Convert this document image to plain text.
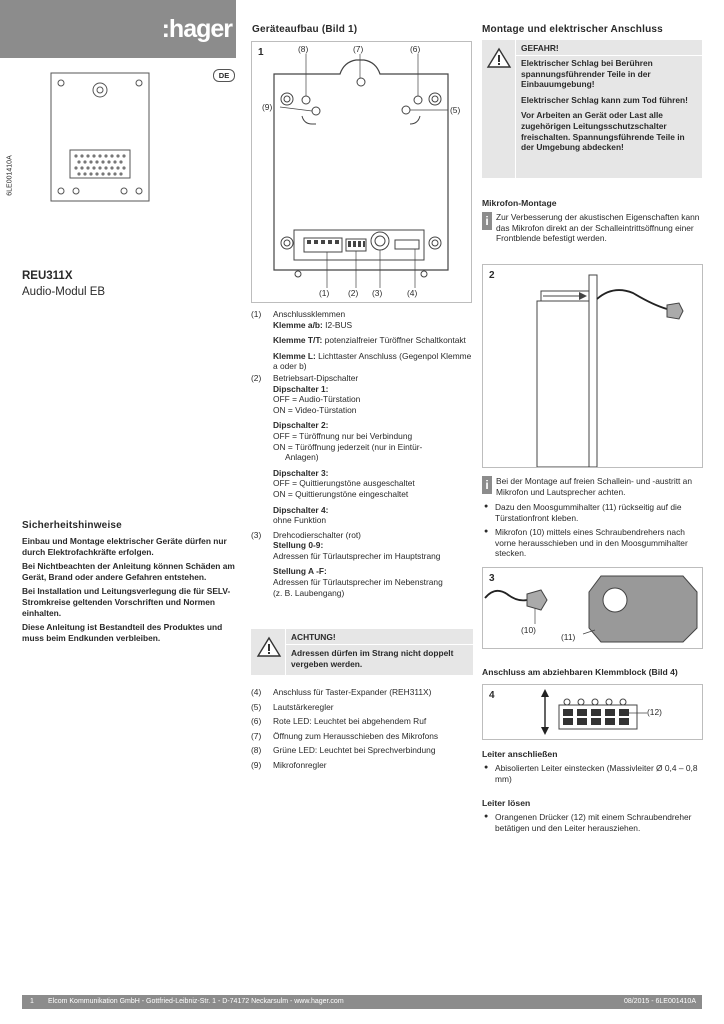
:hager
DE
6LE001410A
REU311X
Audio-Modul EB
Sicherheitshinweise
Einbau und Montage elektrischer Geräte dürfen nur durch Elektrofachkräfte erfolgen.
Bei Nichtbeachten der Anleitung können Schäden am Gerät, Brand oder andere Gefahren entstehen.
Bei Installation und Leitungsverlegung die für SELV-Stromkreise geltenden Vorschriften und Normen einhalten.
Diese Anleitung ist Bestandteil des Produktes und muss beim Endkunden verbleiben.
Geräteaufbau (Bild 1)
1	(8)	(7)	(6)
(9)	(5)
(1) (2) (3)	(4)
(1) Anschlussklemmen
Klemme a/b: I2-BUS
Klemme T/T: potenzialfreier Türöffner Schaltkontakt
Klemme L: Lichttaster Anschluss (Gegenpol Klemme a oder b)
(2) Betriebsart-Dipschalter
Dipschalter 1:
OFF = Audio-Türstation
ON = Video-Türstation
Dipschalter 2:
OFF = Türöffnung nur bei Verbindung
ON = Türöffnung jederzeit (nur in Eintür-
Anlagen)
Dipschalter 3:
OFF = Quittierungstöne ausgeschaltet
ON = Quittierungstöne eingeschaltet
Dipschalter 4:
ohne Funktion
(3) Drehcodierschalter (rot)
Stellung 0-9:
Adressen für Türlautsprecher im Hauptstrang
Stellung A -F:
Adressen für Türlautsprecher im Nebenstrang
(z. B. Laubengang)
ACHTUNG!
Adressen dürfen im Strang nicht doppelt vergeben werden.
(4) Anschluss für Taster-Expander (REH311X)
(5) Lautstärkeregler
(6) Rote LED: Leuchtet bei abgehendem Ruf
(7) Öffnung zum Herausschieben des Mikrofons
(8) Grüne LED: Leuchtet bei Sprechverbindung
(9) Mikrofonregler
Montage und elektrischer Anschluss
GEFAHR!
Elektrischer Schlag bei Berühren spannungsführender Teile in der Einbauumgebung!
Elektrischer Schlag kann zum Tod führen!
Vor Arbeiten an Gerät oder Last alle zugehörigen Leitungsschutzschalter freischalten. Spannungsführende Teile in der Umgebung abdecken!
Mikrofon-Montage
i Zur Verbesserung der akustischen Eigenschaften kann das Mikrofon direkt an der Schalleintrittsöffnung einer Frontblende befestigt werden.
2
i Bei der Montage auf freien Schallein- und -austritt an Mikrofon und Lautsprecher achten.
● Dazu den Moosgummihalter (11) rückseitig auf die Türstationfront kleben.
● Mikrofon (10) mittels eines Schraubendrehers nach vorne herausschieben und in den Moosgummihalter stecken.
3
(10)
(11)
Anschluss am abziehbaren Klemmblock (Bild 4)
4
(12)
Leiter anschließen
● Abisolierten Leiter einstecken (Massivleiter Ø 0,4 – 0,8 mm)
Leiter lösen
● Orangenen Drücker (12) mit einem Schraubendreher betätigen und den Leiter herausziehen.
1 Elcom Kommunikation GmbH - Gottfried-Leibniz-Str. 1 - D-74172 Neckarsulm - www.hager.com	08/2015 - 6LE001410A
